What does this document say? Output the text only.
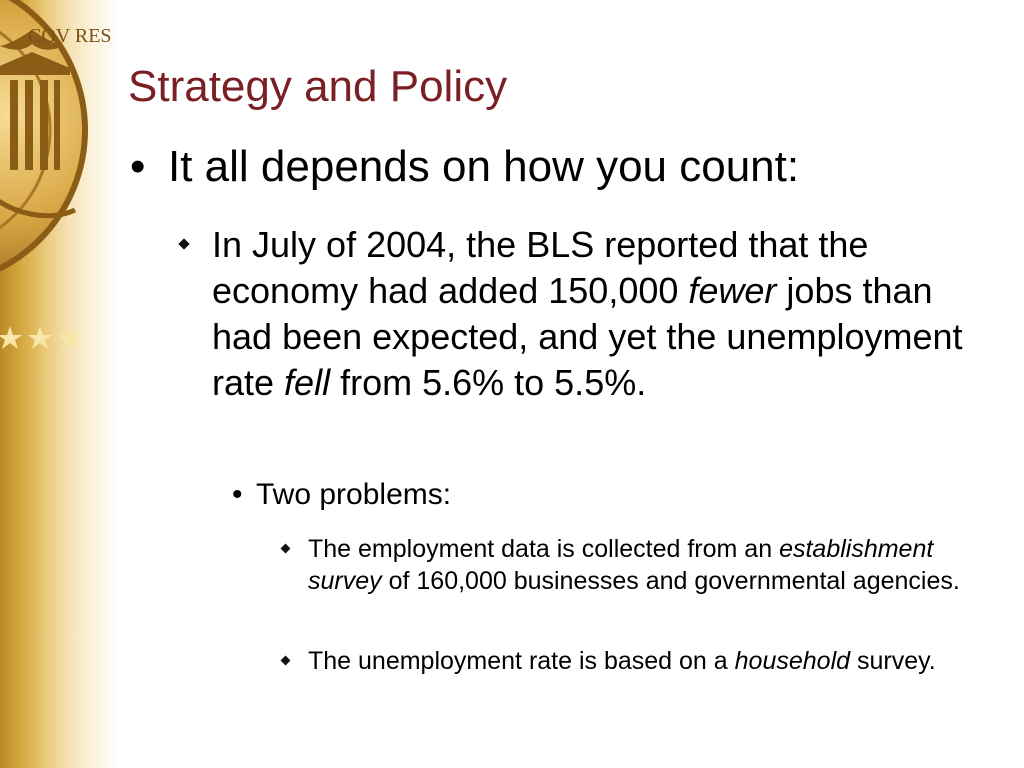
COV RES
Strategy and Policy
• It all depends on how you count:
In July of 2004, the BLS reported that the economy had added 150,000 fewer jobs than had been expected, and yet the unemployment rate fell from 5.6% to 5.5%.
• Two problems:
The employment data is collected from an establishment survey of 160,000 businesses and governmental agencies.
The unemployment rate is based on a household survey.
